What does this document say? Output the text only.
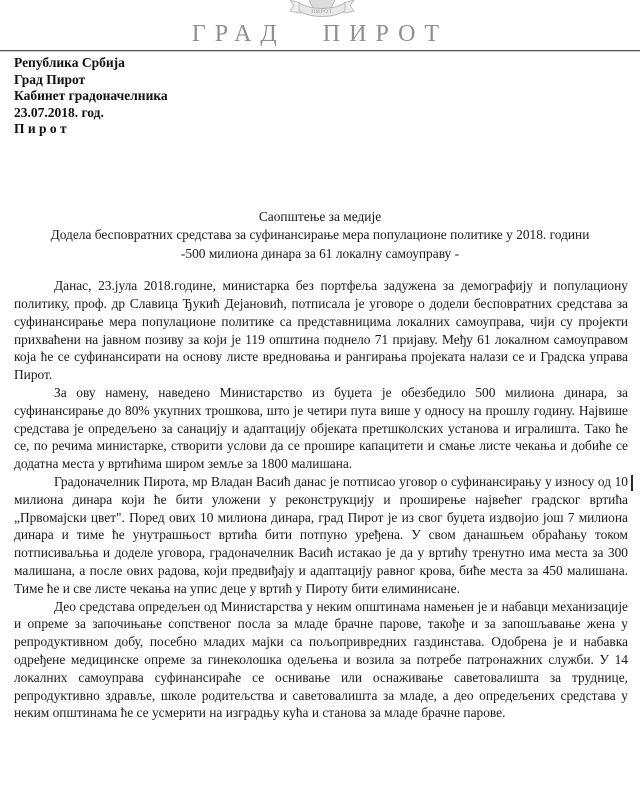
ПИРОТ
ГРАД ПИРОТ
Република Србија
Град Пирот
Кабинет градоначелника
23.07.2018. год.
П и р о т
Саопштење за медије
Додела бесповратних средстава за суфинансирање мера популационе политике у 2018. години
-500 милиона динара за 61 локалну самоуправу -

Данас, 23.јула 2018.године, министарка без портфеља задужена за демографију и популациону политику, проф. др Славица Ђукић Дејановић, потписала је уговоре о додели бесповратних средстава за суфинансирање мера популационе политике са представницима локалних самоуправа, чији су пројекти прихваћени на јавном позиву за који је 119 општина поднело 71 пријаву. Међу 61 локалном самоуправом која ће се суфинансирати на основу листе вредновања и рангирања пројеката налази се и Градска управа Пирот.

За ову намену, наведено Министарство из буџета је обезбедило 500 милиона динара, за суфинансирање до 80% укупних трошкова, што је четири пута више у односу на прошлу годину. Највише средстава је опредељено за санацију и адаптацију објеката претшколских установа и игралишта. Тако ће се, по речима министарке, створити услови да се прошире капацитети и смање листе чекања и добиће се додатна места у вртићима широм земље за 1800 малишана.

Градоначелник Пирота, мр Владан Васић данас је потписао уговор о суфинансирању у износу од 10 милиона динара који ће бити уложени у реконструкцију и проширење највећег градског вртића „Првомајски цвет". Поред ових 10 милиона динара, град Пирот је из свог буџета издвојио још 7 милиона динара и тиме ће унутрашњост вртића бити потпуно уређена. У свом данашњем обраћању током потписиваљња и доделе уговора, градоначелник Васић истакао је да у вртићу тренутно има места за 300 малишана, а после ових радова, који предвиђају и адаптацију равног крова, биће места за 450 малишана. Тиме ће и све листе чекања на упис деце у вртић у Пироту бити елиминисане.

Део средстава опредељен од Министарства у неким општинама намењен је и набавци механизације и опреме за започињање сопственог посла за младе брачне парове, такође и за запошљавање жена у репродуктивном добу, посебно младих мајки са пољопривредних газдинстава. Одобрена је и набавка одређене медицинске опреме за гинеколошка одељења и возила за потребе патронажних служби. У 14 локалних самоуправа суфинансираће се оснивање или оснаживање саветовалишта за труднице, репродуктивно здравље, школе родитељства и саветовалишта за младе, а део опредељених средстава у неким општинама ће се усмерити на изградњу кућа и станова за младе брачне парове.
